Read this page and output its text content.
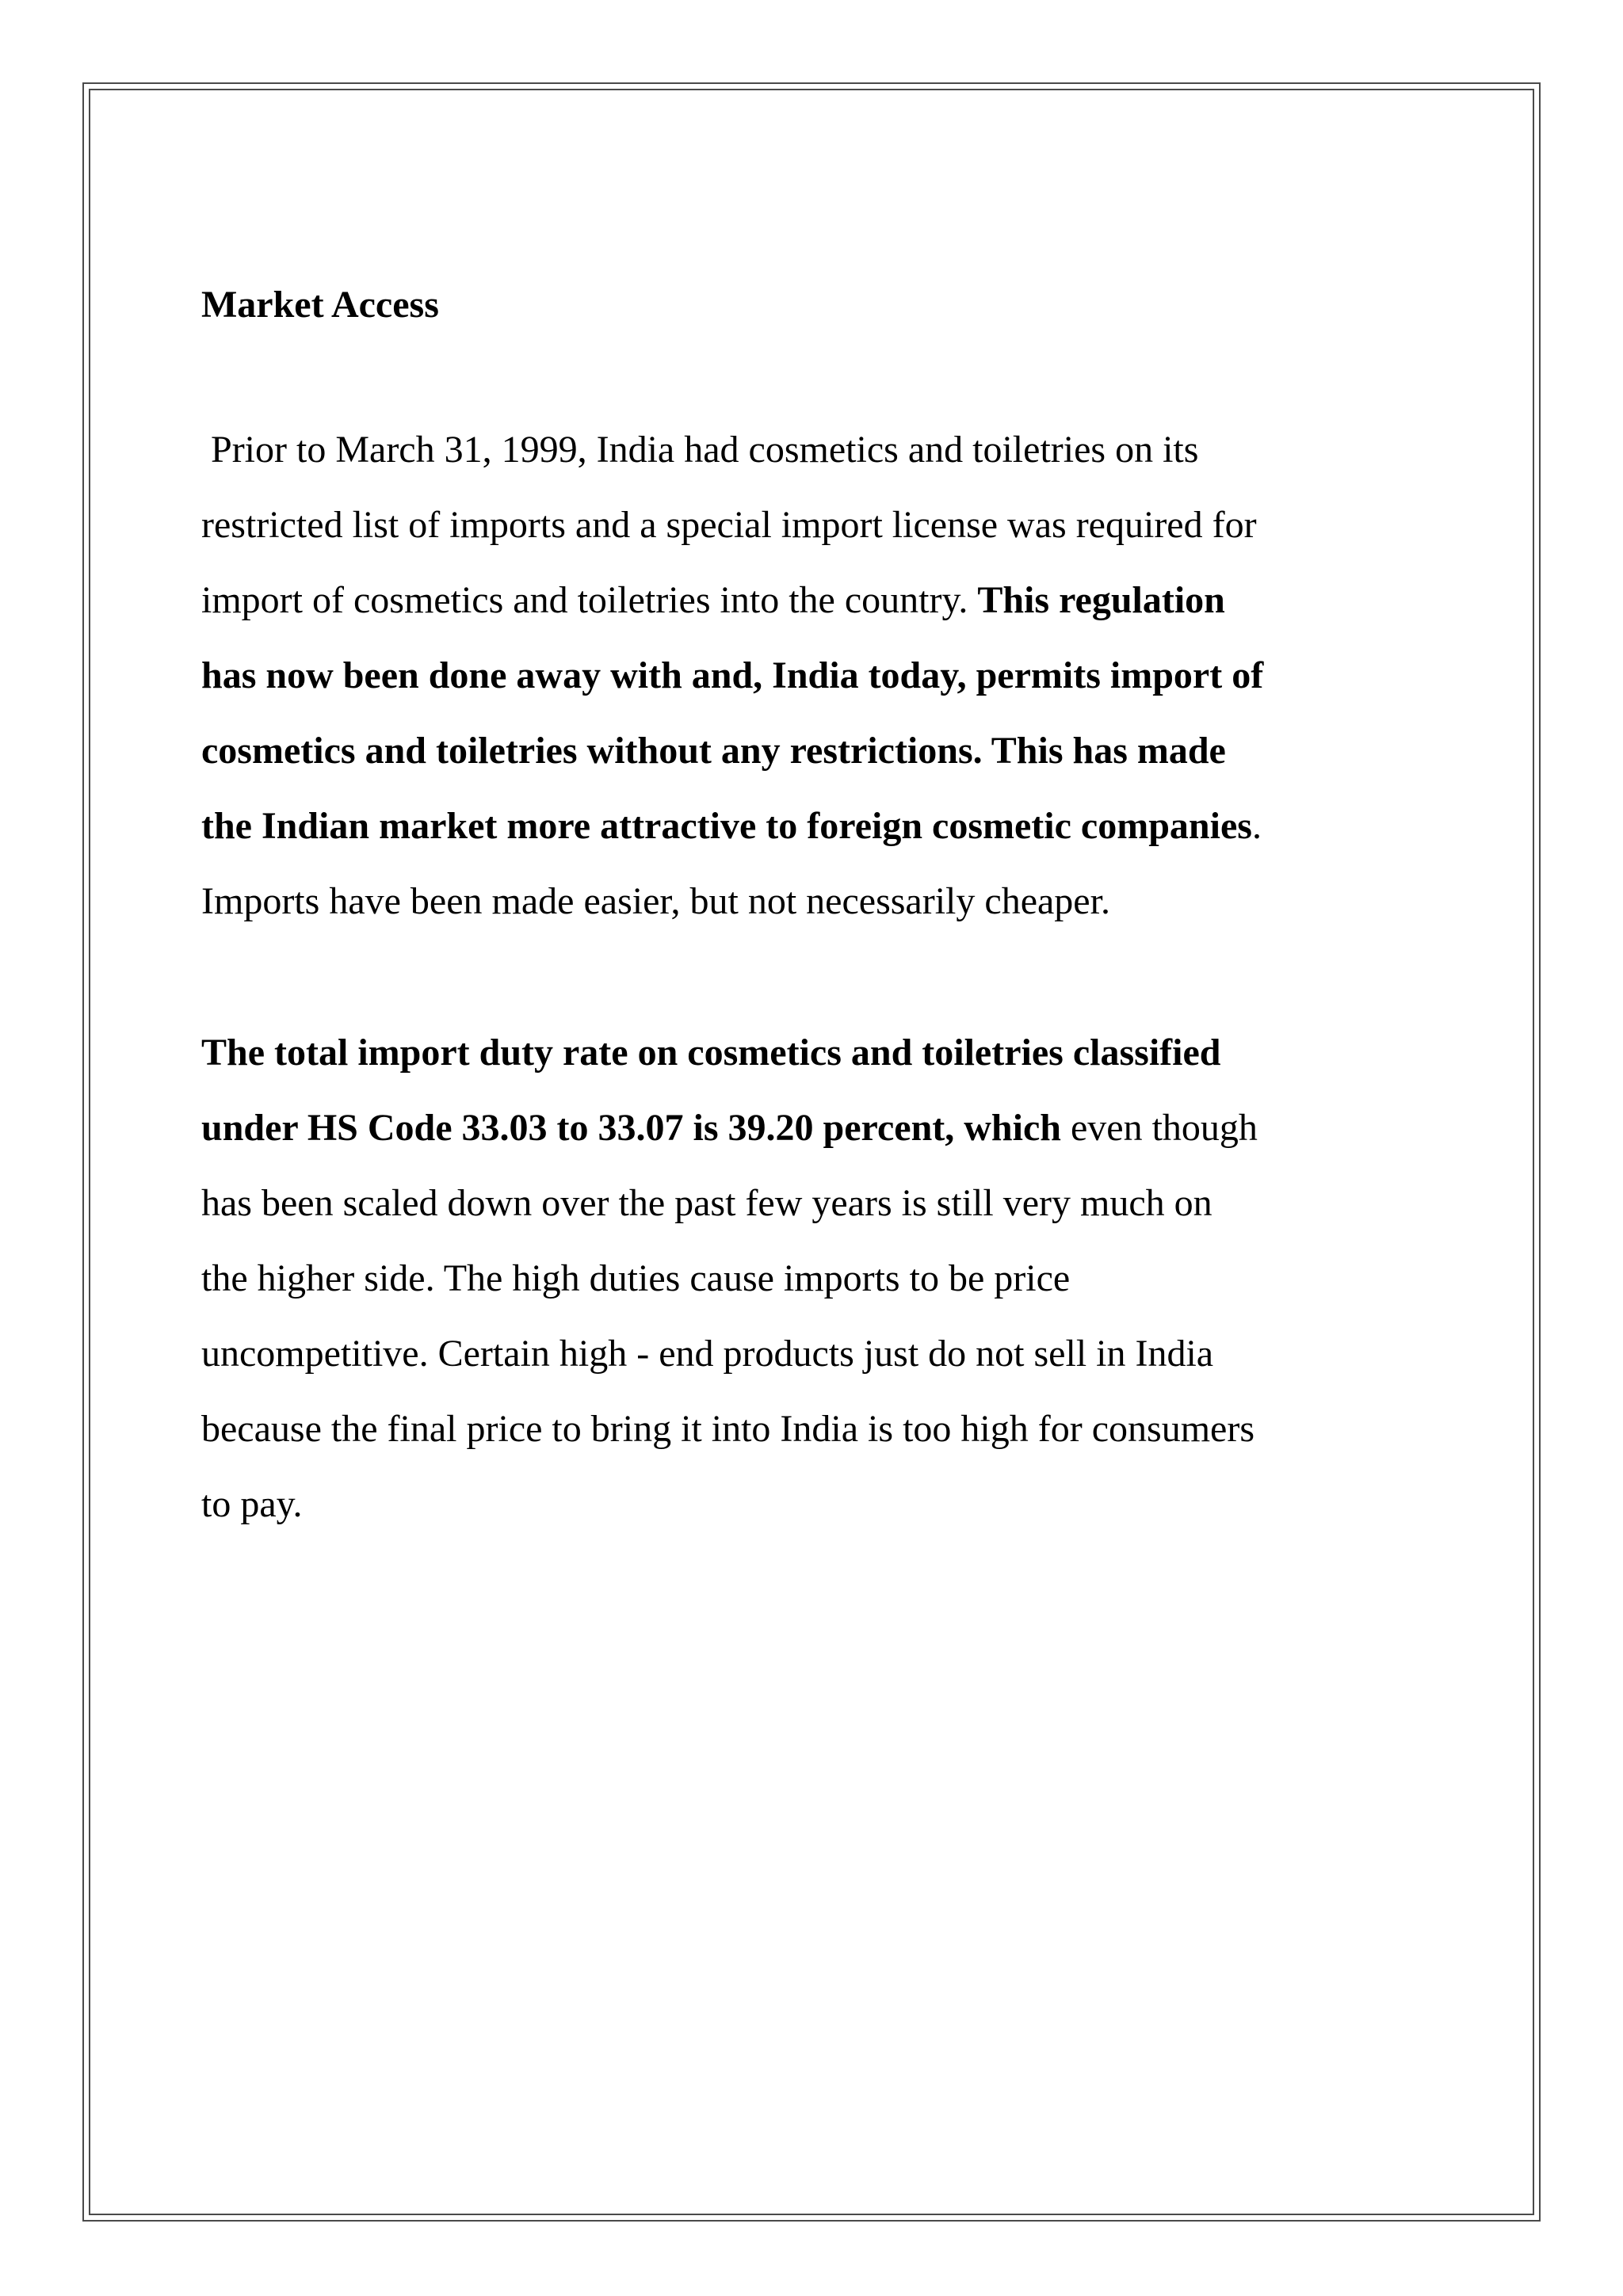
Market Access

Prior to March 31, 1999, India had cosmetics and toiletries on its
restricted list of imports and a special import license was required for
import of cosmetics and toiletries into the country. This regulation
has now been done away with and, India today, permits import of
cosmetics and toiletries without any restrictions. This has made
the Indian market more attractive to foreign cosmetic companies.
Imports have been made easier, but not necessarily cheaper.

The total import duty rate on cosmetics and toiletries classified
under HS Code 33.03 to 33.07 is 39.20 percent, which even though
has been scaled down over the past few years is still very much on
the higher side. The high duties cause imports to be price
uncompetitive. Certain high - end products just do not sell in India
because the final price to bring it into India is too high for consumers
to pay.
